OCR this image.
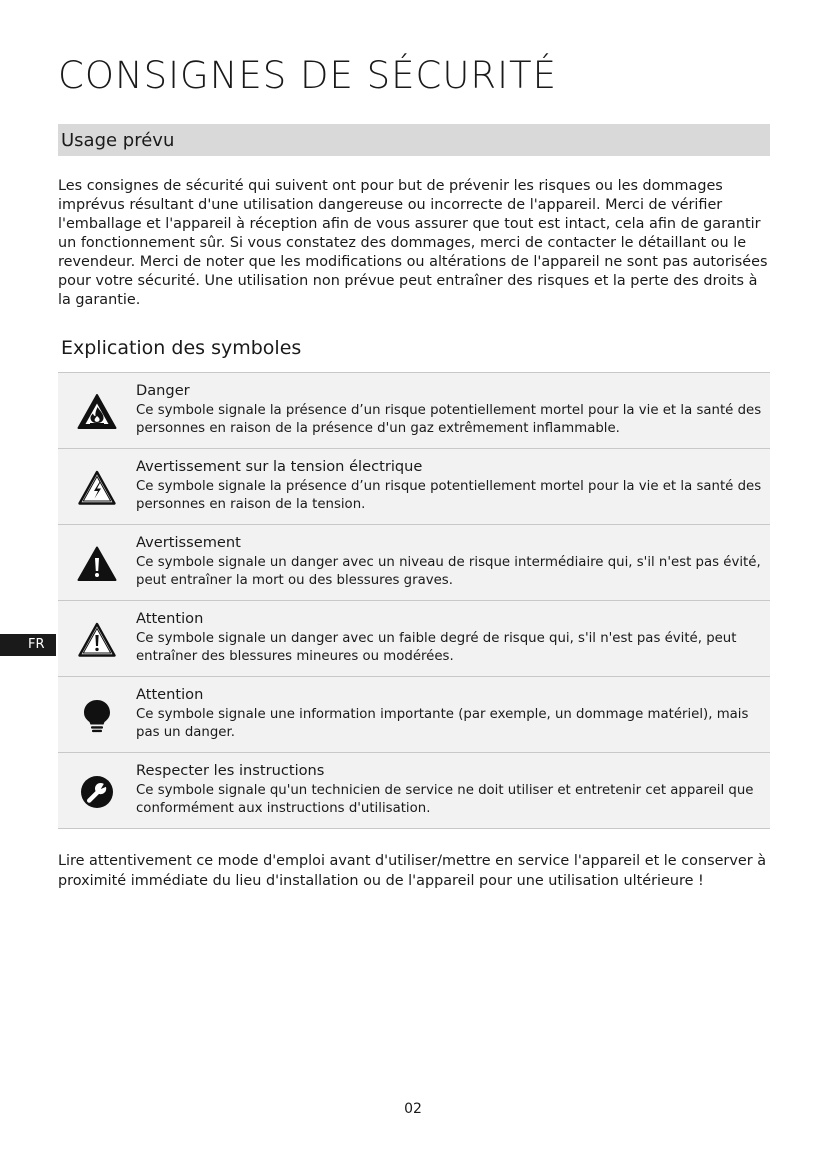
CONSIGNES DE SÉCURITÉ
Usage prévu

Les consignes de sécurité qui suivent ont pour but de prévenir les risques ou les dommages imprévus résultant d'une utilisation dangereuse ou incorrecte de l'appareil. Merci de vérifier l'emballage et l'appareil à réception afin de vous assurer que tout est intact, cela afin de garantir un fonctionnement sûr. Si vous constatez des dommages, merci de contacter le détaillant ou le revendeur. Merci de noter que les modifications ou altérations de l'appareil ne sont pas autorisées pour votre sécurité. Une utilisation non prévue peut entraîner des risques et la perte des droits à la garantie.

Explication des symboles
Danger
Ce symbole signale la présence d’un risque potentiellement mortel pour la vie et la santé des personnes en raison de la présence d'un gaz extrêmement inflammable.
Avertissement sur la tension électrique
Ce symbole signale la présence d’un risque potentiellement mortel pour la vie et la santé des personnes en raison de la tension.
Avertissement
Ce symbole signale un danger avec un niveau de risque intermédiaire qui, s'il n'est pas évité, peut entraîner la mort ou des blessures graves.
Attention
Ce symbole signale un danger avec un faible degré de risque qui, s'il n'est pas évité, peut entraîner des blessures mineures ou modérées.
Attention
Ce symbole signale une information importante (par exemple, un dommage matériel), mais pas un danger.
Respecter les instructions
Ce symbole signale qu'un technicien de service ne doit utiliser et entretenir cet appareil que conformément aux instructions d'utilisation.

Lire attentivement ce mode d'emploi avant d'utiliser/mettre en service l'appareil et le conserver à proximité immédiate du lieu d'installation ou de l'appareil pour une utilisation ultérieure !

FR
02
